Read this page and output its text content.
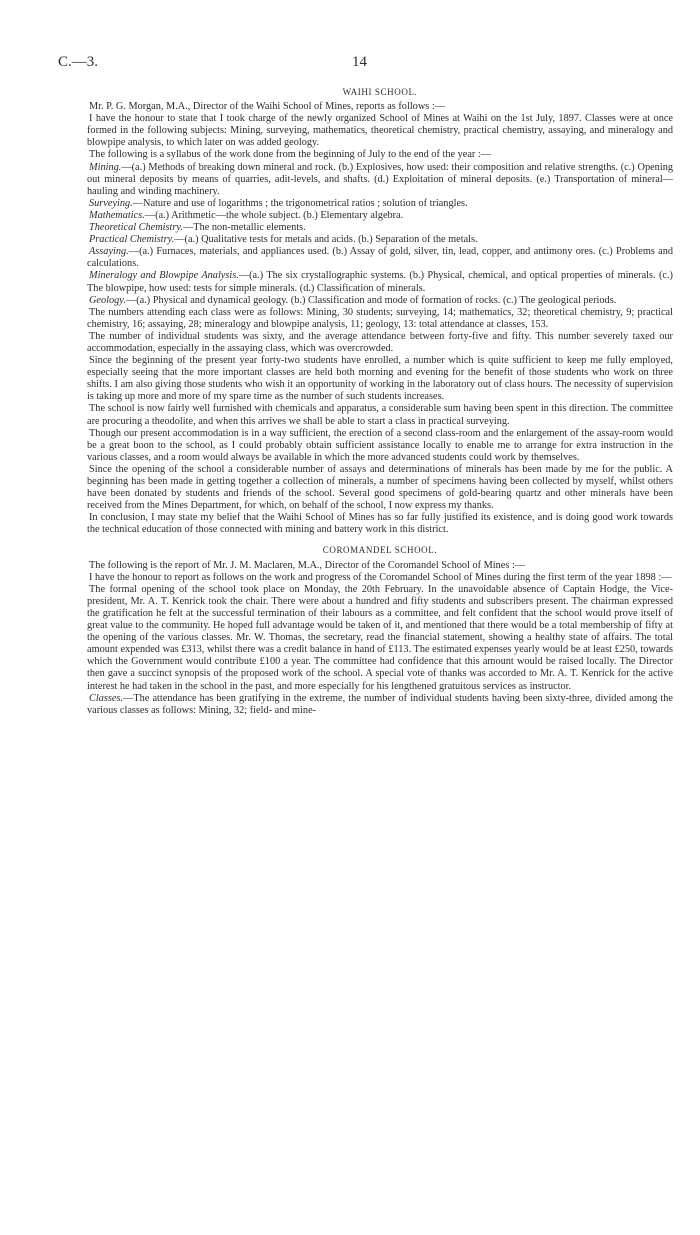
C.—3.	14
WAIHI SCHOOL.

Mr. P. G. Morgan, M.A., Director of the Waihi School of Mines, reports as follows :—

I have the honour to state that I took charge of the newly organized School of Mines at Waihi on the 1st July, 1897. Classes were at once formed in the following subjects: Mining, surveying, mathematics, theoretical chemistry, practical chemistry, assaying, and mineralogy and blowpipe analysis, to which later on was added geology.

The following is a syllabus of the work done from the beginning of July to the end of the year :—

Mining.—(a.) Methods of breaking down mineral and rock. (b.) Explosives, how used: their composition and relative strengths. (c.) Opening out mineral deposits by means of quarries, adit-levels, and shafts. (d.) Exploitation of mineral deposits. (e.) Transportation of mineral—hauling and winding machinery.

Surveying.—Nature and use of logarithms ; the trigonometrical ratios ; solution of triangles.

Mathematics.—(a.) Arithmetic—the whole subject. (b.) Elementary algebra.

Theoretical Chemistry.—The non-metallic elements.

Practical Chemistry.—(a.) Qualitative tests for metals and acids. (b.) Separation of the metals.

Assaying.—(a.) Furnaces, materials, and appliances used. (b.) Assay of gold, silver, tin, lead, copper, and antimony ores. (c.) Problems and calculations.

Mineralogy and Blowpipe Analysis.—(a.) The six crystallographic systems. (b.) Physical, chemical, and optical properties of minerals. (c.) The blowpipe, how used: tests for simple minerals. (d.) Classification of minerals.

Geology.—(a.) Physical and dynamical geology. (b.) Classification and mode of formation of rocks. (c.) The geological periods.

The numbers attending each class were as follows: Mining, 30 students; surveying, 14; mathematics, 32; theoretical chemistry, 9; practical chemistry, 16; assaying, 28; mineralogy and blowpipe analysis, 11; geology, 13: total attendance at classes, 153.

The number of individual students was sixty, and the average attendance between forty-five and fifty. This number severely taxed our accommodation, especially in the assaying class, which was overcrowded.

Since the beginning of the present year forty-two students have enrolled, a number which is quite sufficient to keep me fully employed, especially seeing that the more important classes are held both morning and evening for the benefit of those students who work on three shifts. I am also giving those students who wish it an opportunity of working in the laboratory out of class hours. The necessity of supervision is taking up more and more of my spare time as the number of such students increases.

The school is now fairly well furnished with chemicals and apparatus, a considerable sum having been spent in this direction. The committee are procuring a theodolite, and when this arrives we shall be able to start a class in practical surveying.

Though our present accommodation is in a way sufficient, the erection of a second class-room and the enlargement of the assay-room would be a great boon to the school, as I could probably obtain sufficient assistance locally to enable me to arrange for extra instruction in the various classes, and a room would always be available in which the more advanced students could work by themselves.

Since the opening of the school a considerable number of assays and determinations of minerals has been made by me for the public. A beginning has been made in getting together a collection of minerals, a number of specimens having been collected by myself, whilst others have been donated by students and friends of the school. Several good specimens of gold-bearing quartz and other minerals have been received from the Mines Department, for which, on behalf of the school, I now express my thanks.

In conclusion, I may state my belief that the Waihi School of Mines has so far fully justified its existence, and is doing good work towards the technical education of those connected with mining and battery work in this district.

COROMANDEL SCHOOL.

The following is the report of Mr. J. M. Maclaren, M.A., Director of the Coromandel School of Mines :—

I have the honour to report as follows on the work and progress of the Coromandel School of Mines during the first term of the year 1898 :—

The formal opening of the school took place on Monday, the 20th February. In the unavoidable absence of Captain Hodge, the Vice-president, Mr. A. T. Kenrick took the chair. There were about a hundred and fifty students and subscribers present. The chairman expressed the gratification he felt at the successful termination of their labours as a committee, and felt confident that the school would prove itself of great value to the community. He hoped full advantage would be taken of it, and mentioned that there would be a total membership of fifty at the opening of the various classes. Mr. W. Thomas, the secretary, read the financial statement, showing a healthy state of affairs. The total amount expended was £313, whilst there was a credit balance in hand of £113. The estimated expenses yearly would be at least £250, towards which the Government would contribute £100 a year. The committee had confidence that this amount would be raised locally. The Director then gave a succinct synopsis of the proposed work of the school. A special vote of thanks was accorded to Mr. A. T. Kenrick for the active interest he had taken in the school in the past, and more especially for his lengthened gratuitous services as instructor.

Classes.—The attendance has been gratifying in the extreme, the number of individual students having been sixty-three, divided among the various classes as follows: Mining, 32; field- and mine-
